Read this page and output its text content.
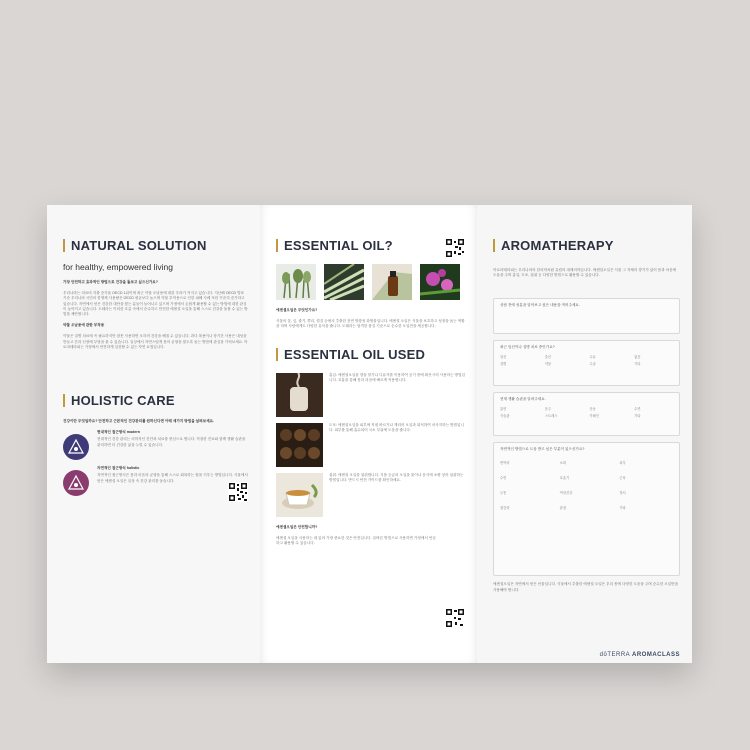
NATURAL SOLUTION
for healthy, empowered living

가장 안전하고 효과적인 방법으로 건강을 돌보고 싶으신가요?

우리나라는 의료비 지출 증가율 OECD 1위이며 최근 약물 오남용에 대한 우려가 커지고 있습니다. 지난해 OECD 발표 기준 우리나라 국민의 항생제 사용량은 OECD 평균보다 높으며 약물 부작용으로 인한 피해 사례 또한 꾸준히 증가하고 있습니다. 자연에서 얻은 건강한 대안을 찾는 분들이 늘어나고 있으며 가정에서 손쉽게 활용할 수 있는 방법에 대한 관심이 높아지고 있습니다. 도테라는 이러한 흐름 속에서 순수하고 안전한 에센셜 오일을 통해 스스로 건강을 돌볼 수 있는 방법을 제안합니다.

약물 오남용에 관한 부작용

약물은 질병 치료에 꼭 필요하지만 잘못 사용하면 오히려 건강을 해칠 수 있습니다. 과다 복용이나 장기간 사용은 내성을 만들고 간과 신장에 부담을 줄 수 있습니다. 일상에서 자연스럽게 몸의 균형을 찾도록 돕는 방법에 관심을 가져보세요. 아로마테라피는 가정에서 안전하게 실천할 수 있는 자연 요법입니다.

HOLISTIC CARE

건강이란 무엇일까요? 안전하고 근본적인 건강관리를 원하신다면 아래 세가지 방법을 살펴보세요.

현대적인 접근방식 modern

현대적인 건강 관리는 의학적인 진단과 치료를 중심으로 합니다. 적절한 진료와 함께 생활 습관을 관리하면 더 건강한 삶을 누릴 수 있습니다.

자연적인 접근방식 holistic

자연적인 접근방식은 몸과 마음의 균형을 통해 스스로 회복하는 힘을 키우는 방법입니다. 식물에서 얻은 에센셜 오일은 일상 속 건강 관리를 돕습니다.

ESSENTIAL OIL?

에센셜오일은 무엇인가요?

식물의 꽃, 잎, 줄기, 뿌리, 껍질 등에서 추출한 천연 방향성 화합물입니다. 에센셜 오일은 식물을 보호하고 성장을 돕는 역할을 하며 사람에게도 다양한 유익을 줍니다. 도테라는 엄격한 품질 기준으로 순수한 오일만을 제공합니다.

ESSENTIAL OIL USED

흡입: 에센셜오일을 향을 맡거나 디퓨저를 이용하여 공기 중에 확산시켜 사용하는 방법입니다. 호흡을 통해 몸과 마음에 빠르게 작용합니다.

도포: 에센셜오일을 피부에 직접 바르거나 캐리어 오일과 희석하여 마사지하는 방법입니다. 피부를 통해 흡수되어 국소 부위에 도움을 줍니다.

섭취: 에센셜 오일을 섭취합니다. 식품 등급의 오일을 물이나 음식에 소량 넣어 섭취하는 방법입니다. 반드시 안전 가이드를 확인하세요.

에센셜오일은 안전합니까?

에센셜 오일을 사용하는 데 있어 가장 중요한 것은 안전입니다. 올바른 방법으로 사용하면 가정에서 안심하고 활용할 수 있습니다.

AROMATHERAPY

아로마테라피는 우리나라의 한의학처럼 유럽의 대체의학입니다. 에센셜오일은 식물 그 자체의 향기가 있어 몸과 마음에 도움을 주며 흡입, 도포, 섭취 등 다양한 방법으로 활용할 수 있습니다.

상담 전에 성분을 알아보고 싶은 내용을 적어주세요.
최근 임신이나 질병 치료 중인가요?
임신	출산	수유	없음
질병	약물	수술	기타
현재 생활 습관을 알려주세요.
흡연	음주	운동	수면
식습관	스트레스	카페인	기타
자연적인 방법으로 도움 받고 싶은 부분이 있으신가요?
면역력	소화	피부
수면	호흡기	근육
두통	여성건강	정서
집중력	관절	기타

에센셜오일은 자연에서 얻은 선물입니다. 식물에서 추출한 에센셜 오일은 우리 몸에 다양한 도움을 주며 순수한 오일만을 사용해야 합니다.

dōTERRA AROMACLASS
